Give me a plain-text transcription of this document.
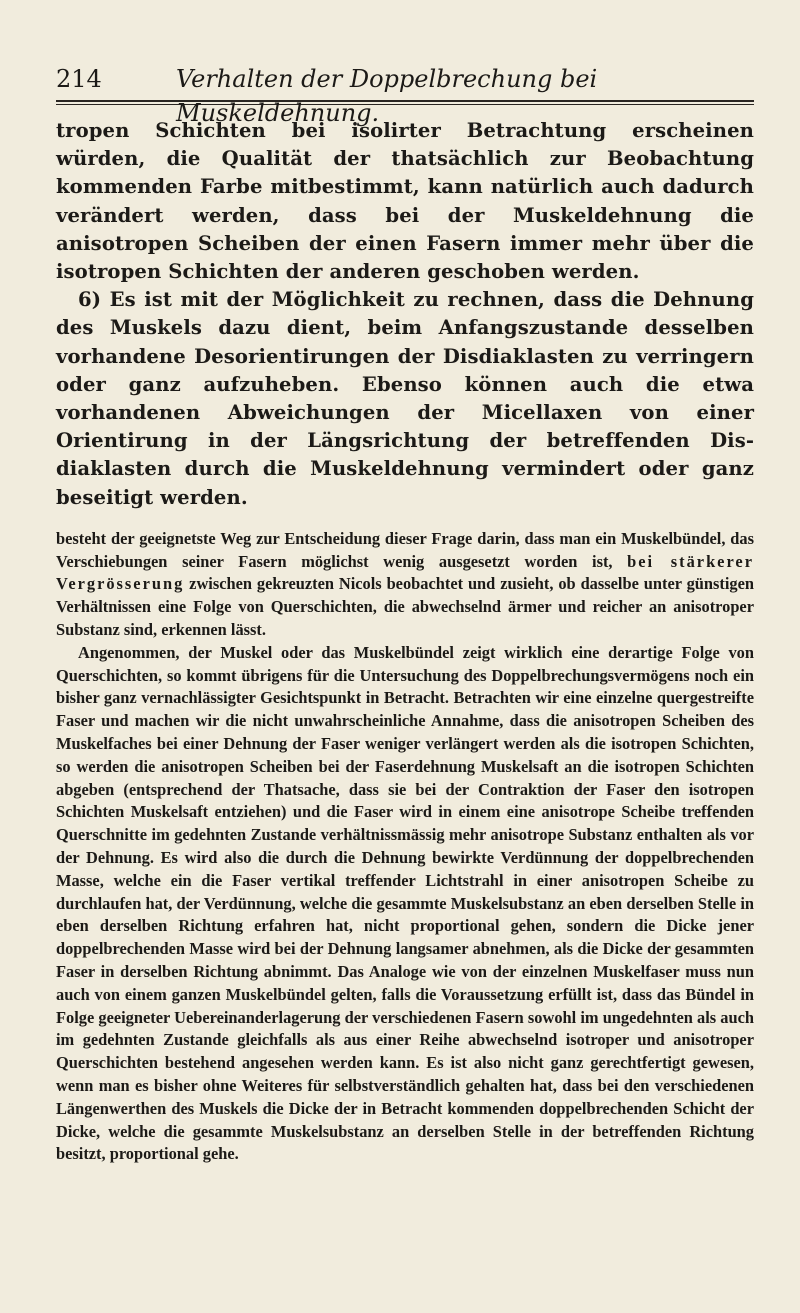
214	Verhalten der Doppelbrechung bei Muskeldehnung.

tropen Schichten bei isolirter Betrachtung erscheinen würden, die Qualität der thatsächlich zur Beobachtung kommenden Farbe mitbestimmt, kann natürlich auch dadurch verändert werden, dass bei der Muskeldehnung die anisotropen Scheiben der einen Fasern immer mehr über die isotropen Schichten der anderen geschoben werden.

6) Es ist mit der Möglichkeit zu rechnen, dass die Dehnung des Muskels dazu dient, beim Anfangszustande desselben vorhandene Desorientirungen der Disdiaklasten zu verringern oder ganz aufzuheben. Ebenso können auch die etwa vorhandenen Abweichungen der Micellaxen von einer Orientirung in der Längsrichtung der betreffenden Disdiaklasten durch die Muskeldehnung vermindert oder ganz beseitigt werden.

besteht der geeignetste Weg zur Entscheidung dieser Frage darin, dass man ein Muskelbündel, das Verschiebungen seiner Fasern möglichst wenig ausgesetzt worden ist, bei stärkerer Vergrösserung zwischen gekreuzten Nicols beobachtet und zusieht, ob dasselbe unter günstigen Verhältnissen eine Folge von Querschichten, die abwechselnd ärmer und reicher an anisotroper Substanz sind, erkennen lässt.

Angenommen, der Muskel oder das Muskelbündel zeigt wirklich eine derartige Folge von Querschichten, so kommt übrigens für die Untersuchung des Doppelbrechungsvermögens noch ein bisher ganz vernachlässigter Gesichtspunkt in Betracht. Betrachten wir eine einzelne quergestreifte Faser und machen wir die nicht unwahrscheinliche Annahme, dass die anisotropen Scheiben des Muskelfaches bei einer Dehnung der Faser weniger verlängert werden als die isotropen Schichten, so werden die anisotropen Scheiben bei der Faserdehnung Muskelsaft an die isotropen Schichten abgeben (entsprechend der Thatsache, dass sie bei der Contraktion der Faser den isotropen Schichten Muskelsaft entziehen) und die Faser wird in einem eine anisotrope Scheibe treffenden Querschnitte im gedehnten Zustande verhältnissmässig mehr anisotrope Substanz enthalten als vor der Dehnung. Es wird also die durch die Dehnung bewirkte Verdünnung der doppelbrechenden Masse, welche ein die Faser vertikal treffender Lichtstrahl in einer anisotropen Scheibe zu durchlaufen hat, der Verdünnung, welche die gesammte Muskelsubstanz an eben derselben Stelle in eben derselben Richtung erfahren hat, nicht proportional gehen, sondern die Dicke jener doppelbrechenden Masse wird bei der Dehnung langsamer abnehmen, als die Dicke der gesammten Faser in derselben Richtung abnimmt. Das Analoge wie von der einzelnen Muskelfaser muss nun auch von einem ganzen Muskelbündel gelten, falls die Voraussetzung erfüllt ist, dass das Bündel in Folge geeigneter Uebereinanderlagerung der verschiedenen Fasern sowohl im ungedehnten als auch im gedehnten Zustande gleichfalls als aus einer Reihe abwechselnd isotroper und anisotroper Querschichten bestehend angesehen werden kann. Es ist also nicht ganz gerechtfertigt gewesen, wenn man es bisher ohne Weiteres für selbstverständlich gehalten hat, dass bei den verschiedenen Längenwerthen des Muskels die Dicke der in Betracht kommenden doppelbrechenden Schicht der Dicke, welche die gesammte Muskelsubstanz an derselben Stelle in der betreffenden Richtung besitzt, proportional gehe.
